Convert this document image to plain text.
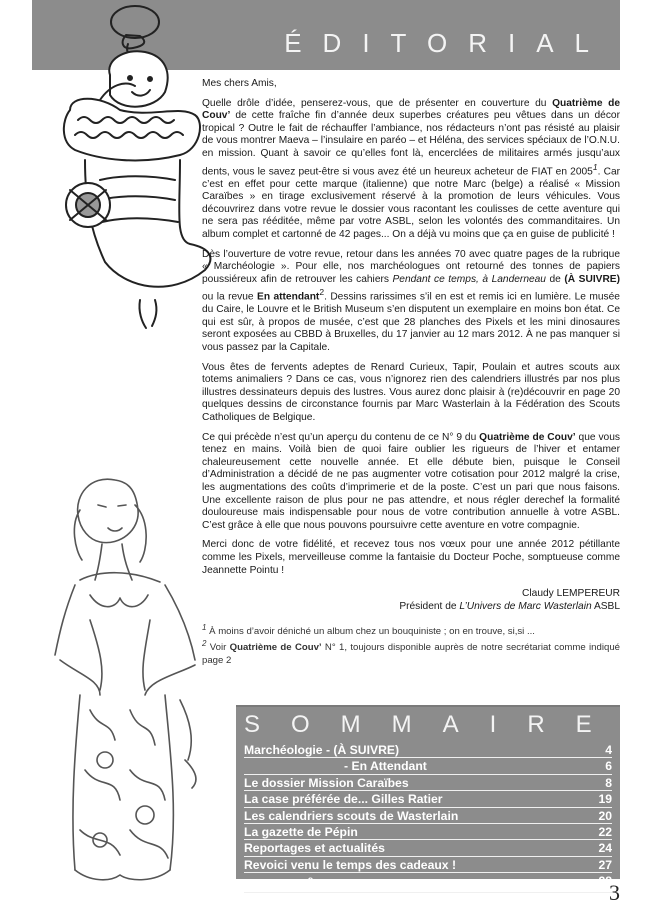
ÉDITORIAL

Mes chers Amis,

Quelle drôle d’idée, penserez-vous, que de présenter en couverture du Quatrième de Couv’ de cette fraîche fin d’année deux superbes créatures peu vêtues dans un décor tropical ? Outre le fait de réchauffer l’ambiance, nos rédacteurs n’ont pas résisté au plaisir de vous montrer Maeva – l’insulaire en paréo – et Héléna, des services spéciaux de l’O.N.U. en mission. Quant à savoir ce qu’elles font là, encerclées de militaires armés jusqu’aux dents, vous le savez peut-être si vous avez été un heureux acheteur de FIAT en 2005$^1$. Car c’est en effet pour cette marque (italienne) que notre Marc (belge) a réalisé « Mission Caraïbes » en tirage exclusivement réservé à la promotion de leurs véhicules. Vous découvrirez dans votre revue le dossier vous racontant les coulisses de cette aventure qui ne sera pas rééditée, même par votre ASBL, selon les volontés des commanditaires. Un album complet et cartonné de 42 pages... On a déjà vu moins que ça en guise de publicité !

Dès l’ouverture de votre revue, retour dans les années 70 avec quatre pages de la rubrique « Marchéologie ». Pour elle, nos marchéologues ont retourné des tonnes de papiers poussiéreux afin de retrouver les cahiers Pendant ce temps, à Landerneau de (À SUIVRE) ou la revue En attendant$^2$. Dessins rarissimes s’il en est et remis ici en lumière. Le musée du Caire, le Louvre et le British Museum s’en disputent un exemplaire en moins bon état. Ce qui est sûr, à propos de musée, c’est que 28 planches des Pixels et les mini dinosaures seront exposées au CBBD à Bruxelles, du 17 janvier au 12 mars 2012. À ne pas manquer si vous passez par la Capitale.

Vous êtes de fervents adeptes de Renard Curieux, Tapir, Poulain et autres scouts aux totems animaliers ? Dans ce cas, vous n’ignorez rien des calendriers illustrés par nos plus illustres dessinateurs depuis des lustres. Vous aurez donc plaisir à (re)découvrir en page 20 quelques dessins de circonstance fournis par Marc Wasterlain à la Fédération des Scouts Catholiques de Belgique.

Ce qui précède n’est qu’un aperçu du contenu de ce N° 9 du Quatrième de Couv’ que vous tenez en mains. Voilà bien de quoi faire oublier les rigueurs de l’hiver et entamer chaleureusement cette nouvelle année. Et elle débute bien, puisque le Conseil d’Administration a décidé de ne pas augmenter votre cotisation pour 2012 malgré la crise, les augmentations des coûts d’imprimerie et de la poste. C’est un pari que nous faisons. Une excellente raison de plus pour ne pas attendre, et nous régler derechef la formalité douloureuse mais indispensable pour nous de votre contribution annuelle à votre ASBL. C’est grâce à elle que nous pouvons poursuivre cette aventure en votre compagnie.

Merci donc de votre fidélité, et recevez tous nos vœux pour une année 2012 pétillante comme les Pixels, merveilleuse comme la fantaisie du Docteur Poche, somptueuse comme Jeannette Pointu !

Claudy LEMPEREUR
Président de L’Univers de Marc Wasterlain ASBL
$^1$ À moins d’avoir déniché un album chez un bouquiniste ; on en trouve, si,si ...
$^2$ Voir Quatrième de Couv’ N° 1, toujours disponible auprès de notre secrétariat comme indiqué page 2
SOMMAIRE
Marchéologie - (À SUIVRE)	4
- En Attendant	6
Le dossier Mission Caraïbes	8
La case préférée de... Gilles Ratier	19
Les calendriers scouts de Wasterlain	20
La gazette de Pépin	22
Reportages et actualités	24
Revoici venu le temps des cadeaux !	27
La BD du 3e	28
3
